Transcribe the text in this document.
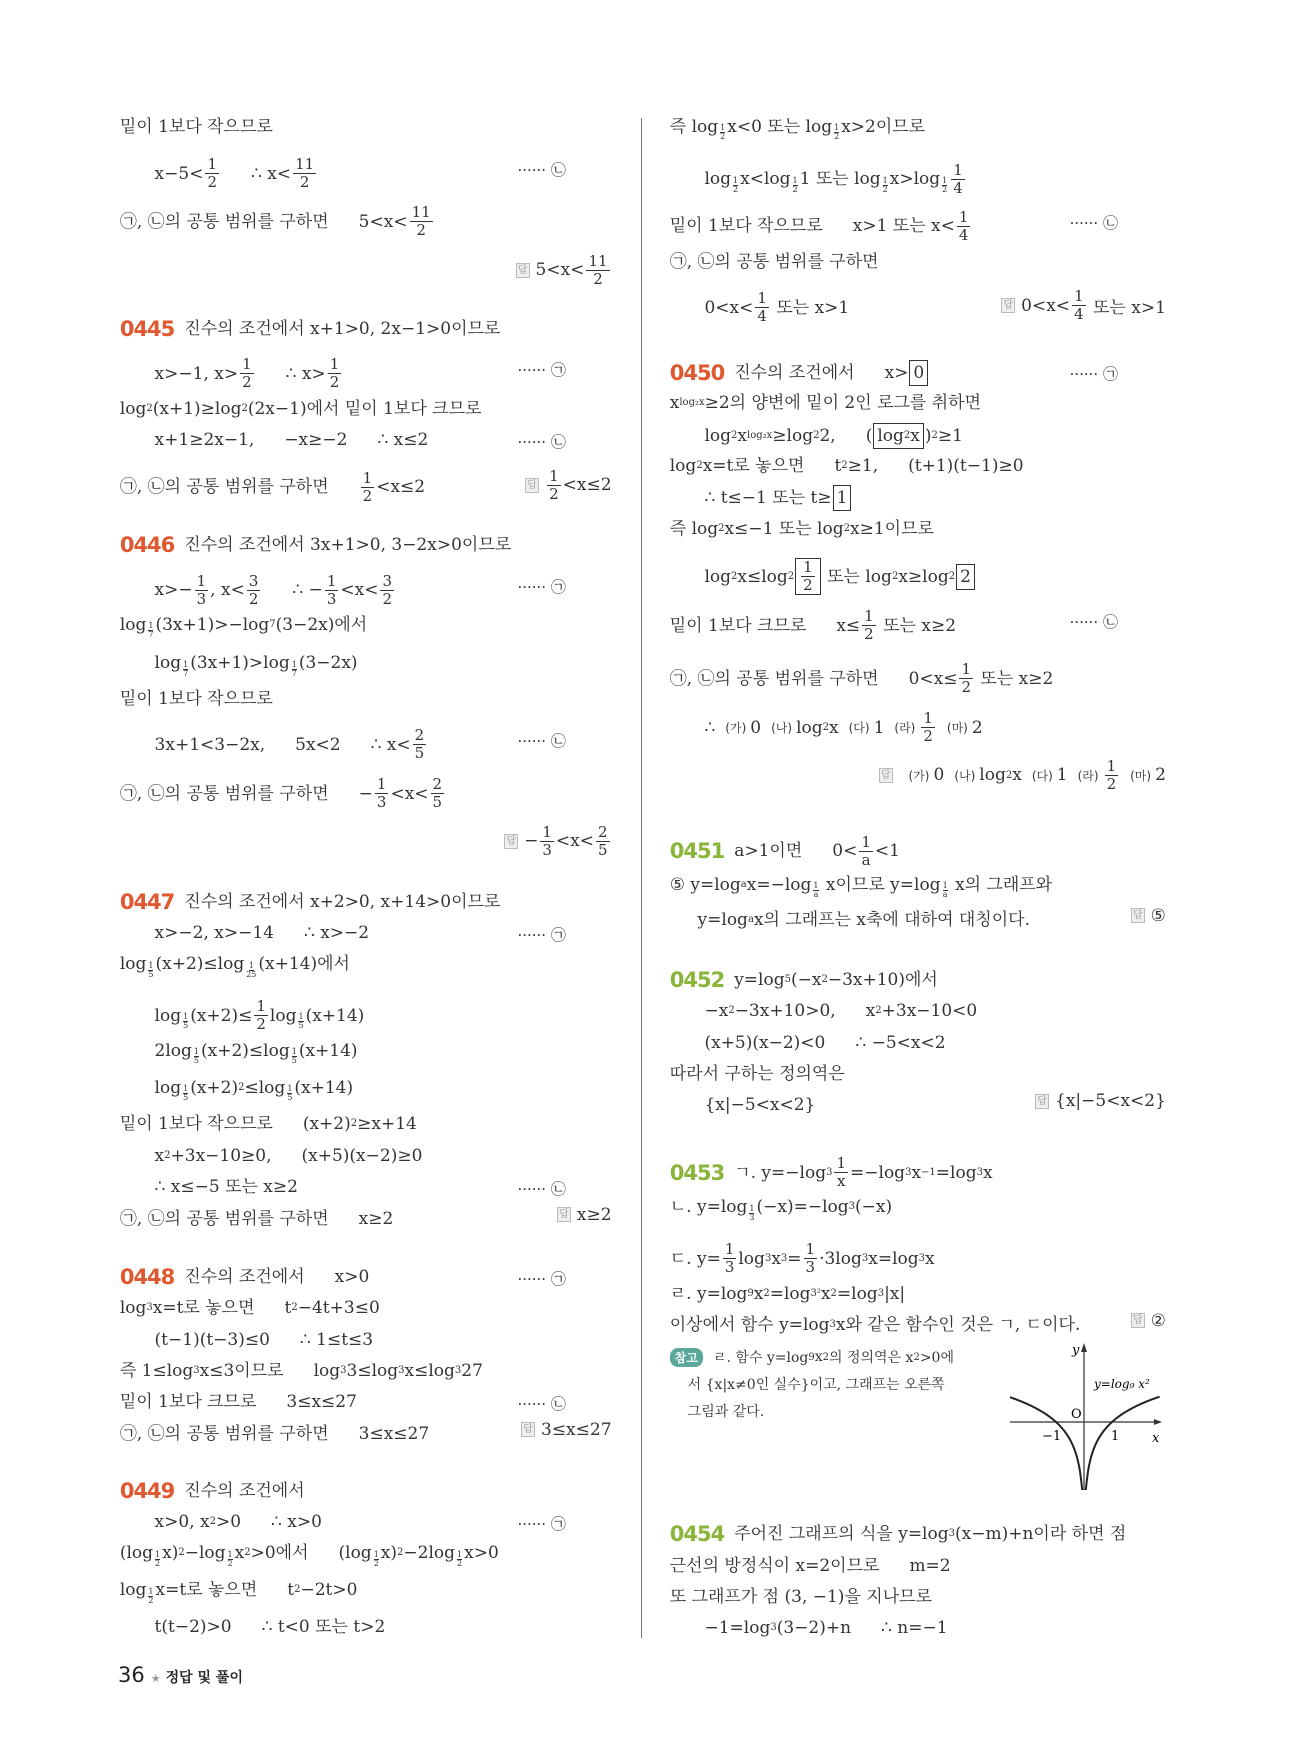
밑이 1보다 작으므로
$x-5< \frac{1}{2}$ ∴ $x< \frac{11}{2}$	······ ㉡
㉠, ㉡의 공통 범위를 구하면 $5<x< \frac{11}{2}$
답 $5<x< \frac{11}{2}$
0445 진수의 조건에서 x+1>0, 2x−1>0이므로
x>−1, $x> \frac{1}{2}$ ∴ $x> \frac{1}{2}$	······ ㉠
log 2 (x+1)≥log 2 (2x−1)에서 밑이 1보다 크므로
x+1≥2x−1, −x≥−2 ∴ x≤2	······ ㉡
㉠, ㉡의 공통 범위를 구하면 $\frac{1}{2} <x\le 2$	답 $\frac{1}{2} <x\le 2$
0446 진수의 조건에서 3x+1>0, 3−2x>0이므로
$x>- \frac{1}{3}$ , $x< \frac{3}{2}$ ∴ − $\frac{1}{3} <x< \frac{3}{2}$	······ ㉠
$\log \frac{1}{7} (3x+1)>-\log$ 7 (3−2x)에서
$\log \frac{1}{7} (3x+1)>\log \frac{1}{7} (3-2x)$
밑이 1보다 작으므로
3x+1<3−2x, 5x<2 ∴ $x< \frac{2}{5}$	······ ㉡
㉠, ㉡의 공통 범위를 구하면 − $\frac{1}{3} <x< \frac{2}{5}$
답 − $\frac{1}{3} <x< \frac{2}{5}$
0447 진수의 조건에서 x+2>0, x+14>0이므로
x>−2, x>−14 ∴ x>−2	······ ㉠
$\log \frac{1}{5} (x+2)\le\log \frac{1}{25} (x+14)$에서
$\log \frac{1}{5} (x+2)\le \frac{1}{2}$ $\log \frac{1}{5} (x+14)$
$2\log \frac{1}{5} (x+2)\le\log \frac{1}{5} (x+14)$
$\log \frac{1}{5} (x+2)$ $2 \le\log \frac{1}{5} (x+14)$
밑이 1보다 작으므로 (x+2) 2 ≥x+14
x 2 +3x−10≥0, (x+5)(x−2)≥0
∴ x≤−5 또는 x≥2	······ ㉡
㉠, ㉡의 공통 범위를 구하면 x≥2	답 x≥2
0448 진수의 조건에서 x>0	······ ㉠
log 3 x=t로 놓으면 t 2 −4t+3≤0
(t−1)(t−3)≤0 ∴ 1≤t≤3
즉 1≤log 3 x≤3이므로 log 3 3≤log 3 x≤log 3 27
밑이 1보다 크므로 3≤x≤27	······ ㉡
㉠, ㉡의 공통 범위를 구하면 3≤x≤27	답 3≤x≤27
0449 진수의 조건에서
x>0, x 2 >0 ∴ x>0	······ ㉠
$(\log \frac{1}{2} x)$ $2 -\log \frac{1}{2}$ x 2 >0에서 $(\log \frac{1}{2} x)$ $2 -2\log \frac{1}{2} x>0$
$\log \frac{1}{2} x=t$로 놓으면 t 2 −2t>0
t(t−2)>0 ∴ t<0 또는 t>2
즉 $\log \frac{1}{2} x<0$ 또는 $\log \frac{1}{2} x>2$이므로
$\log \frac{1}{2} x<\log \frac{1}{2} 1$ 또는 $\log \frac{1}{2} x>\log \frac{1}{2} \frac{1}{4}$
밑이 1보다 작으므로 x>1 또는 $x< \frac{1}{4}$	······ ㉡
㉠, ㉡의 공통 범위를 구하면
$0<x< \frac{1}{4}$ 또는 x>1	답 $0<x< \frac{1}{4}$ 또는 x>1
0450 진수의 조건에서 x> 0	······ ㉠
x log₂x ≥2의 양변에 밑이 2인 로그를 취하면
log 2 x log₂x ≥log 2 2, ( log 2 x ) 2 ≥1
log 2 x=t로 놓으면 t 2 ≥1, (t+1)(t−1)≥0
∴ t≤−1 또는 t≥ 1
즉 log 2 x≤−1 또는 log 2 x≥1이므로
log 2 x≤log $2 \frac{1}{2}$ 또는 log 2 x≥log 2 2
밑이 1보다 크므로 $x\le \frac{1}{2}$ 또는 x≥2	······ ㉡
㉠, ㉡의 공통 범위를 구하면 $0<x\le \frac{1}{2}$ 또는 x≥2
∴ (가) 0 (나) log 2 x (다) 1 (라) $\frac{1}{2}$ (마) 2
답 (가) 0 (나) log 2 x (다) 1 (라) $\frac{1}{2}$ (마) 2
0451 a>1이면 $0< \frac{1}{a} <1$
⑤ y=log a $x=-\log \frac{1}{a}$ x이므로 $y=\log \frac{1}{a}$ x의 그래프와
y=log a x의 그래프는 x축에 대하여 대칭이다.	답 ⑤
0452 y=log 5 (−x 2 −3x+10)에서
−x 2 −3x+10>0, x 2 +3x−10<0
(x+5)(x−2)<0 ∴ −5<x<2
따라서 구하는 정의역은
{x|−5<x<2}	답 {x|−5<x<2}
0453 ㄱ. y=−log $3 \frac{1}{x} =-\log$ 3 x −1 =log 3 x
ㄴ. $y=\log \frac{1}{3} (-x)=-\log$ 3 (−x)
ㄷ. $y= \frac{1}{3}$ log 3 x $3 = \frac{1}{3} \cdot 3\log$ 3 x=log 3 x
ㄹ. y=log 9 x 2 =log 3² x 2 =log 3 |x|
이상에서 함수 y=log 3 x와 같은 함수인 것은 ㄱ, ㄷ이다.	답 ②
0454 주어진 그래프의 식을 y=log 3 (x−m)+n이라 하면 점
근선의 방정식이 x=2이므로 m=2
또 그래프가 점 (3, −1)을 지나므로
−1=log 3 (3−2)+n ∴ n=−1
참고	ㄹ. 함수 y=log 9 x 2 의 정의역은 x 2 >0에
서 {x|x≠0인 실수}이고, 그래프는 오른쪽
그림과 같다.
y
x
O
−1	1
y=log₉ x²
36 ★ 정답 및 풀이
